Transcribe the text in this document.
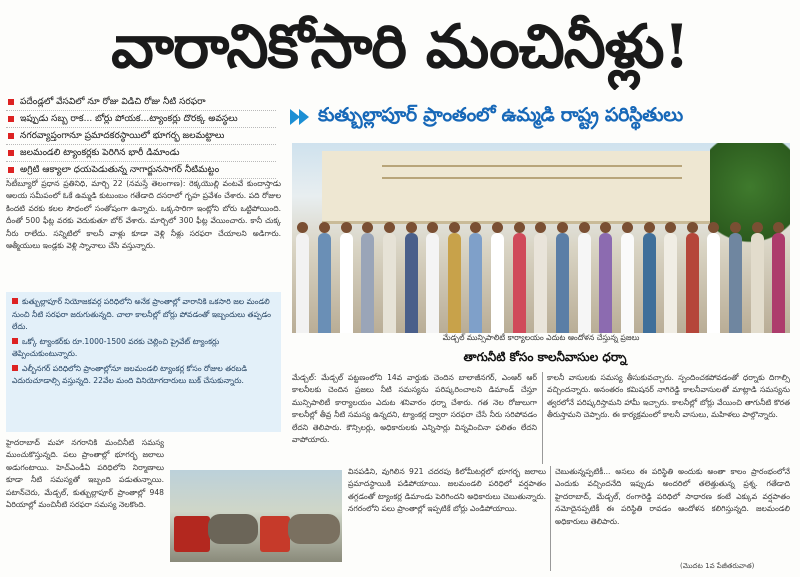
వారానికోసారి మంచినీళ్లు!
పదేండ్లలో వేసవిలో నూ రోజు విడిచి రోజు నీటి సరఫరా
ఇప్పుడు సబ్బ రాక... బోర్లు పోయక...ట్యాంకర్లు దొరక్క అవస్థలు
నగరవ్యాప్తంగానూ ప్రమాదకరస్థాయిలో భూగర్భ జలమట్టాలు
జలమండలి ట్యాంకర్లకు పెరిగిన భారీ డిమాండు
అగ్రిటి ఆక్యాలా ధయపెడుతున్న నాగార్జునసాగర్ నీటిమట్టం

సిటీబ్యూరో ప్రధాన ప్రతినిధి, మార్చి 22 (నమస్తే తెలంగాణ): రెక్కయొల్లి వంటవే కుందాస్తాడు ఆలయ సమీపంలో ఓకే ఉమ్మడి కుటుంబం గతేడాది దసరాలో గృహ ప్రవేశం చేశారు. పది రోజుల కిందటి వరకు కలల సౌధంలో సంతోషంగా ఉన్నారు. ఒక్కసారిగా ఇంట్లోని బోరు ఒట్టిపోయింది. దీంతో 500 ఫీట్ల వరకు వెదుకుతూ బోర్ వేశారు. మార్చిలో 300 ఫీట్ల వేయించారు. కానీ చుక్క నీరు రాలేదు. సన్నిటిలో కాలనీ వాళ్లు కూడా వెళ్లి నీళ్లు సరఫరా చేయాలని అడిగారు. ఆత్మీయులు ఇండ్లకు వెళ్లి స్నానాలు చేసి వస్తున్నారు.

కుత్బుల్లాపూర్ నియోజకవర్గ పరిధిలోని అనేక ప్రాంతాల్లో వారానికి ఒకసారి జల మండలి నుంచి నీటి సరఫరా జరుగుతున్నది. చాలా కాలనీల్లో బోర్లు పోవడంతో ఇబ్బందులు తప్పడం లేదు.

ఒక్కో ట్యాంకర్‌కు రూ.1000-1500 వరకు చెల్లించి ప్రైవేట్ ట్యాంకర్లు తెప్పించుకుంటున్నారు.

ఎల్బీనగర్ పరిధిలోని ప్రాంతాల్లోనూ జలమండలి ట్యాంకర్ల కోసం రోజుల తరబడి ఎదురుచూడాల్సి వస్తున్నది. 22వేల మంది వినియోగదారులు బుక్ చేసుకున్నారు.

హైదరాబాద్ మహా నగరానికి మంచినీటి సమస్య ముంచుకొస్తున్నది. పలు ప్రాంతాల్లో భూగర్భ జలాలు అడుగంటాయి. హెచ్ఎండీఏ పరిధిలోని నిర్మాణాలు కూడా నీటి సమస్యతో ఇబ్బంది పడుతున్నాయి. పటాన్‌చెరు, మేడ్చల్, కుత్బుల్లాపూర్ ప్రాంతాల్లో 948 ఏరియాల్లో మంచినీటి సరఫరా సమస్య నెలకొంది.

కుత్బుల్లాపూర్ ప్రాంతంలో ఉమ్మడి రాష్ట్ర పరిస్థితులు
మేడ్చల్ మున్సిపాలిటీ కార్యాలయం ఎదుట ఆందోళన చేస్తున్న ప్రజలు
తాగునీటి కోసం కాలనీవాసుల ధర్నా

మేడ్చల్: మేడ్చల్ పట్టణంలోని 14వ వార్డుకు చెందిన బాలాజీనగర్, ఎంఆర్ ఆర్ కాలనీలకు చెందిన ప్రజలు నీటి సమస్యను పరిష్కరించాలని డిమాండ్ చేస్తూ మున్సిపాలిటీ కార్యాలయం ఎదుట శనివారం ధర్నా చేశారు. గత నెల రోజులుగా కాలనీల్లో తీవ్ర నీటి సమస్య ఉన్నదని, ట్యాంకర్ల ద్వారా సరఫరా చేసే నీరు సరిపోవడం లేదని తెలిపారు. కౌన్సిలర్లు, అధికారులకు ఎన్నిసార్లు విన్నవించినా ఫలితం లేదని వాపోయారు.

కాలనీ వాసులకు సమస్య తీసుకువచ్చారు. స్పందించకపోవడంతో ధర్నాకు దిగాల్సి వచ్చిందన్నారు. అనంతరం కమిషనర్ నాగిరెడ్డి కాలనీవాసులతో మాట్లాడి సమస్యను త్వరలోనే పరిష్కరిస్తామని హామీ ఇచ్చారు. కాలనీల్లో బోర్లు వేయించి తాగునీటి కొరత తీరుస్తామని చెప్పారు. ఈ కార్యక్రమంలో కాలనీ వాసులు, మహిళలు పాల్గొన్నారు.

వినపడిని, వుగిలిన 921 చదరపు కిలోమీటర్లలో భూగర్భ జలాలు ప్రమాదస్థాయికి పడిపోయాయి. జలమండలి పరిధిలో వర్షపాతం తగ్గడంతో ట్యాంకర్ల డిమాండు పెరిగిందని అధికారులు చెబుతున్నారు. నగరంలోని పలు ప్రాంతాల్లో ఇప్పటికే బోర్లు ఎండిపోయాయి.

చెబుతున్నప్పటికీ... అసలు ఈ పరిస్థితి అందుకు అంతా కాలం ప్రారంభంలోనే ఎందుకు వచ్చిందనేది ఇప్పుడు అందరిలో తలెత్తుతున్న ప్రశ్న. గతేడాది హైదరాబాద్, మేడ్చల్, రంగారెడ్డి పరిధిలో సాధారణ కంటే ఎక్కువ వర్షపాతం నమోదైనప్పటికీ ఈ పరిస్థితి రావడం ఆందోళన కలిగిస్తున్నది. జలమండలి అధికారులు తెలిపారు.

(మొదట 1వ పేజీతరువాత)
